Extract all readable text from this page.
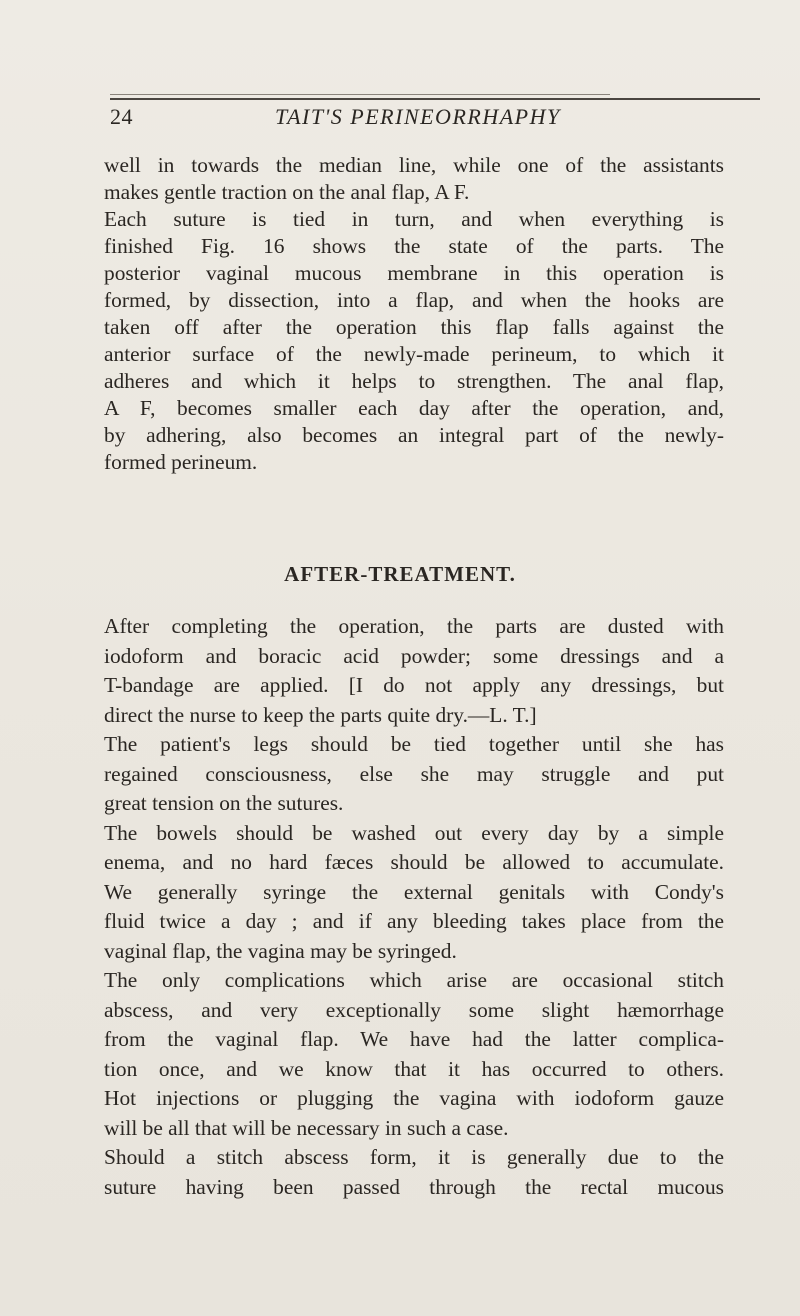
24	TAIT'S PERINEORRHAPHY
well in towards the median line, while one of the assistants
makes gentle traction on the anal flap, A F.
Each suture is tied in turn, and when everything is
finished Fig. 16 shows the state of the parts. The
posterior vaginal mucous membrane in this operation is
formed, by dissection, into a flap, and when the hooks are
taken off after the operation this flap falls against the
anterior surface of the newly-made perineum, to which it
adheres and which it helps to strengthen. The anal flap,
A F, becomes smaller each day after the operation, and,
by adhering, also becomes an integral part of the newly-
formed perineum.
AFTER-TREATMENT.
After completing the operation, the parts are dusted with
iodoform and boracic acid powder; some dressings and a
T-bandage are applied. [I do not apply any dressings, but
direct the nurse to keep the parts quite dry.—L. T.]
The patient's legs should be tied together until she has
regained consciousness, else she may struggle and put
great tension on the sutures.
The bowels should be washed out every day by a simple
enema, and no hard fæces should be allowed to accumulate.
We generally syringe the external genitals with Condy's
fluid twice a day ; and if any bleeding takes place from the
vaginal flap, the vagina may be syringed.
The only complications which arise are occasional stitch
abscess, and very exceptionally some slight hæmorrhage
from the vaginal flap. We have had the latter complica-
tion once, and we know that it has occurred to others.
Hot injections or plugging the vagina with iodoform gauze
will be all that will be necessary in such a case.
Should a stitch abscess form, it is generally due to the
suture having been passed through the rectal mucous
